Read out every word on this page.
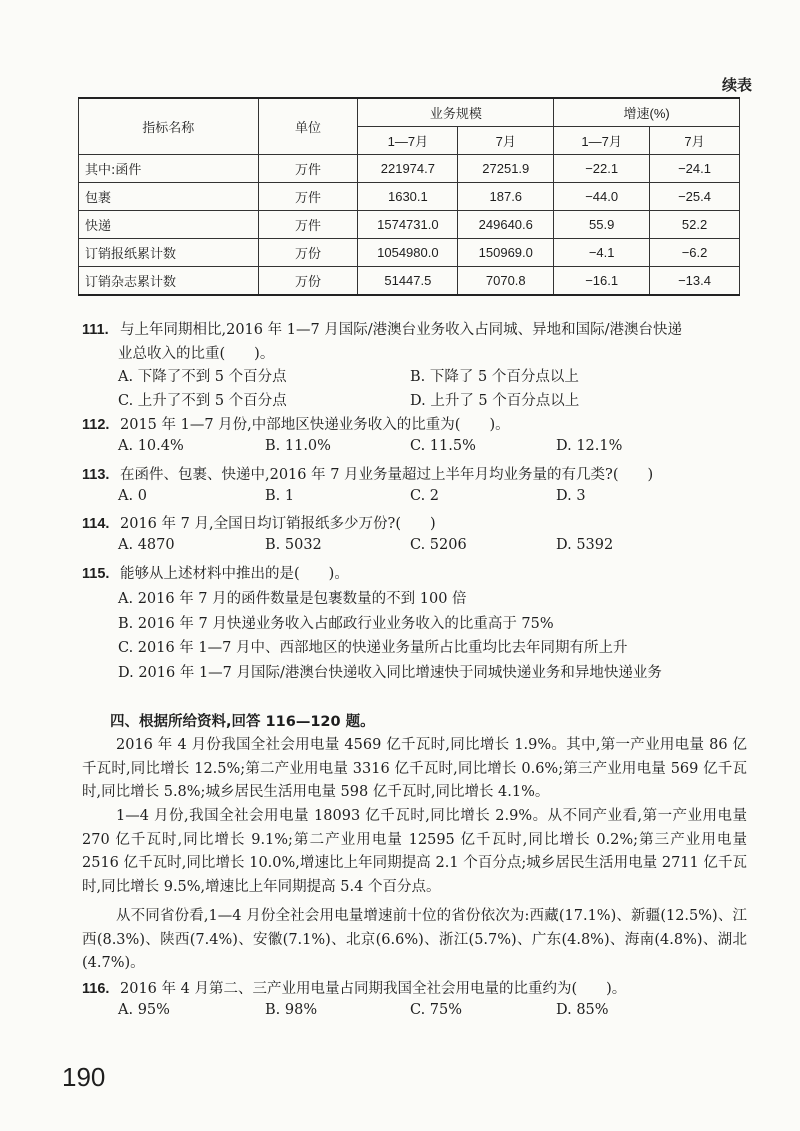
续表
指标名称	单位	业务规模		增速(%)	
		1—7月	7月	1—7月	7月
其中:函件	万件	221974.7	27251.9	−22.1	−24.1
包裹	万件	1630.1	187.6	−44.0	−25.4
快递	万件	1574731.0	249640.6	55.9	52.2
订销报纸累计数	万份	1054980.0	150969.0	−4.1	−6.2
订销杂志累计数	万份	51447.5	7070.8	−16.1	−13.4
111. 与上年同期相比,2016 年 1—7 月国际/港澳台业务收入占同城、异地和国际/港澳台快递
业总收入的比重(　　)。
A. 下降了不到 5 个百分点	B. 下降了 5 个百分点以上
C. 上升了不到 5 个百分点	D. 上升了 5 个百分点以上
112. 2015 年 1—7 月份,中部地区快递业务收入的比重为(　　)。
A. 10.4%	B. 11.0%	C. 11.5%	D. 12.1%
113. 在函件、包裹、快递中,2016 年 7 月业务量超过上半年月均业务量的有几类?(　　)
A. 0	B. 1	C. 2	D. 3
114. 2016 年 7 月,全国日均订销报纸多少万份?(　　)
A. 4870	B. 5032	C. 5206	D. 5392
115. 能够从上述材料中推出的是(　　)。
A. 2016 年 7 月的函件数量是包裹数量的不到 100 倍
B. 2016 年 7 月快递业务收入占邮政行业业务收入的比重高于 75%
C. 2016 年 1—7 月中、西部地区的快递业务量所占比重均比去年同期有所上升
D. 2016 年 1—7 月国际/港澳台快递收入同比增速快于同城快递业务和异地快递业务
四、根据所给资料,回答 116—120 题。
2016 年 4 月份我国全社会用电量 4569 亿千瓦时,同比增长 1.9%。其中,第一产业用电量 86 亿千瓦时,同比增长 12.5%;第二产业用电量 3316 亿千瓦时,同比增长 0.6%;第三产业用电量 569 亿千瓦时,同比增长 5.8%;城乡居民生活用电量 598 亿千瓦时,同比增长 4.1%。
1—4 月份,我国全社会用电量 18093 亿千瓦时,同比增长 2.9%。从不同产业看,第一产业用电量 270 亿千瓦时,同比增长 9.1%;第二产业用电量 12595 亿千瓦时,同比增长 0.2%;第三产业用电量 2516 亿千瓦时,同比增长 10.0%,增速比上年同期提高 2.1 个百分点;城乡居民生活用电量 2711 亿千瓦时,同比增长 9.5%,增速比上年同期提高 5.4 个百分点。
从不同省份看,1—4 月份全社会用电量增速前十位的省份依次为:西藏(17.1%)、新疆(12.5%)、江西(8.3%)、陕西(7.4%)、安徽(7.1%)、北京(6.6%)、浙江(5.7%)、广东(4.8%)、海南(4.8%)、湖北(4.7%)。
116. 2016 年 4 月第二、三产业用电量占同期我国全社会用电量的比重约为(　　)。
A. 95%	B. 98%	C. 75%	D. 85%
190
